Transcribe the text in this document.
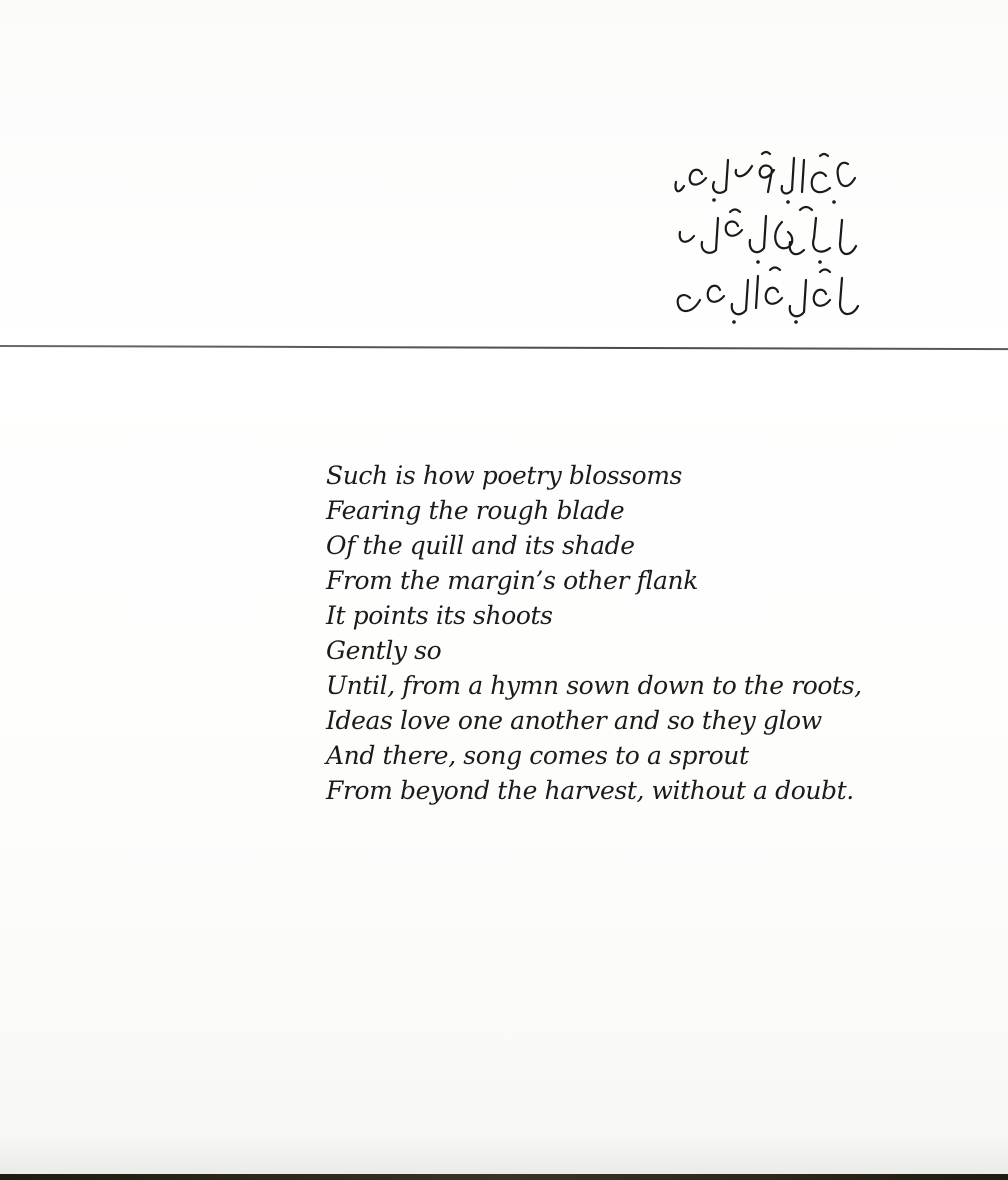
Such is how poetry blossoms
Fearing the rough blade
Of the quill and its shade
From the margin’s other flank
It points its shoots
Gently so
Until, from a hymn sown down to the roots,
Ideas love one another and so they glow
And there, song comes to a sprout
From beyond the harvest, without a doubt.
